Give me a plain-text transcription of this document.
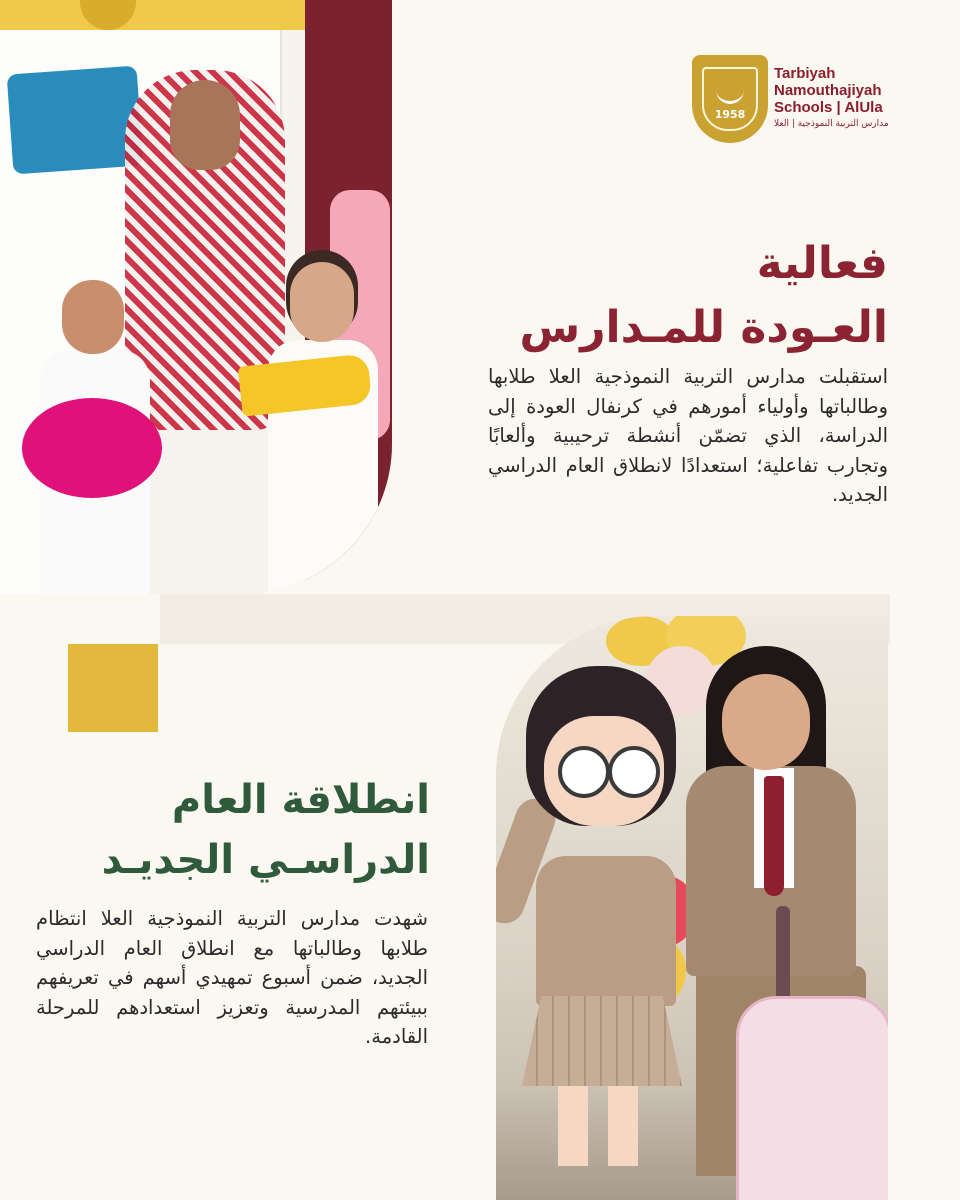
1958
Tarbiyah
Namouthajiyah
Schools | AlUla
مدارس التربية النموذجية | العلا
فعالية
العـودة للمـدارس
استقبلت مدارس التربية النموذجية العلا طلابها وطالباتها وأولياء أمورهم في كرنفال العودة إلى الدراسة، الذي تضمّن أنشطة ترحيبية وألعابًا وتجارب تفاعلية؛ استعدادًا لانطلاق العام الدراسي الجديد.
انطلاقة العام
الدراسـي الجديـد
شهدت مدارس التربية النموذجية العلا انتظام طلابها وطالباتها مع انطلاق العام الدراسي الجديد، ضمن أسبوع تمهيدي أسهم في تعريفهم ببيئتهم المدرسية وتعزيز استعدادهم للمرحلة القادمة.
